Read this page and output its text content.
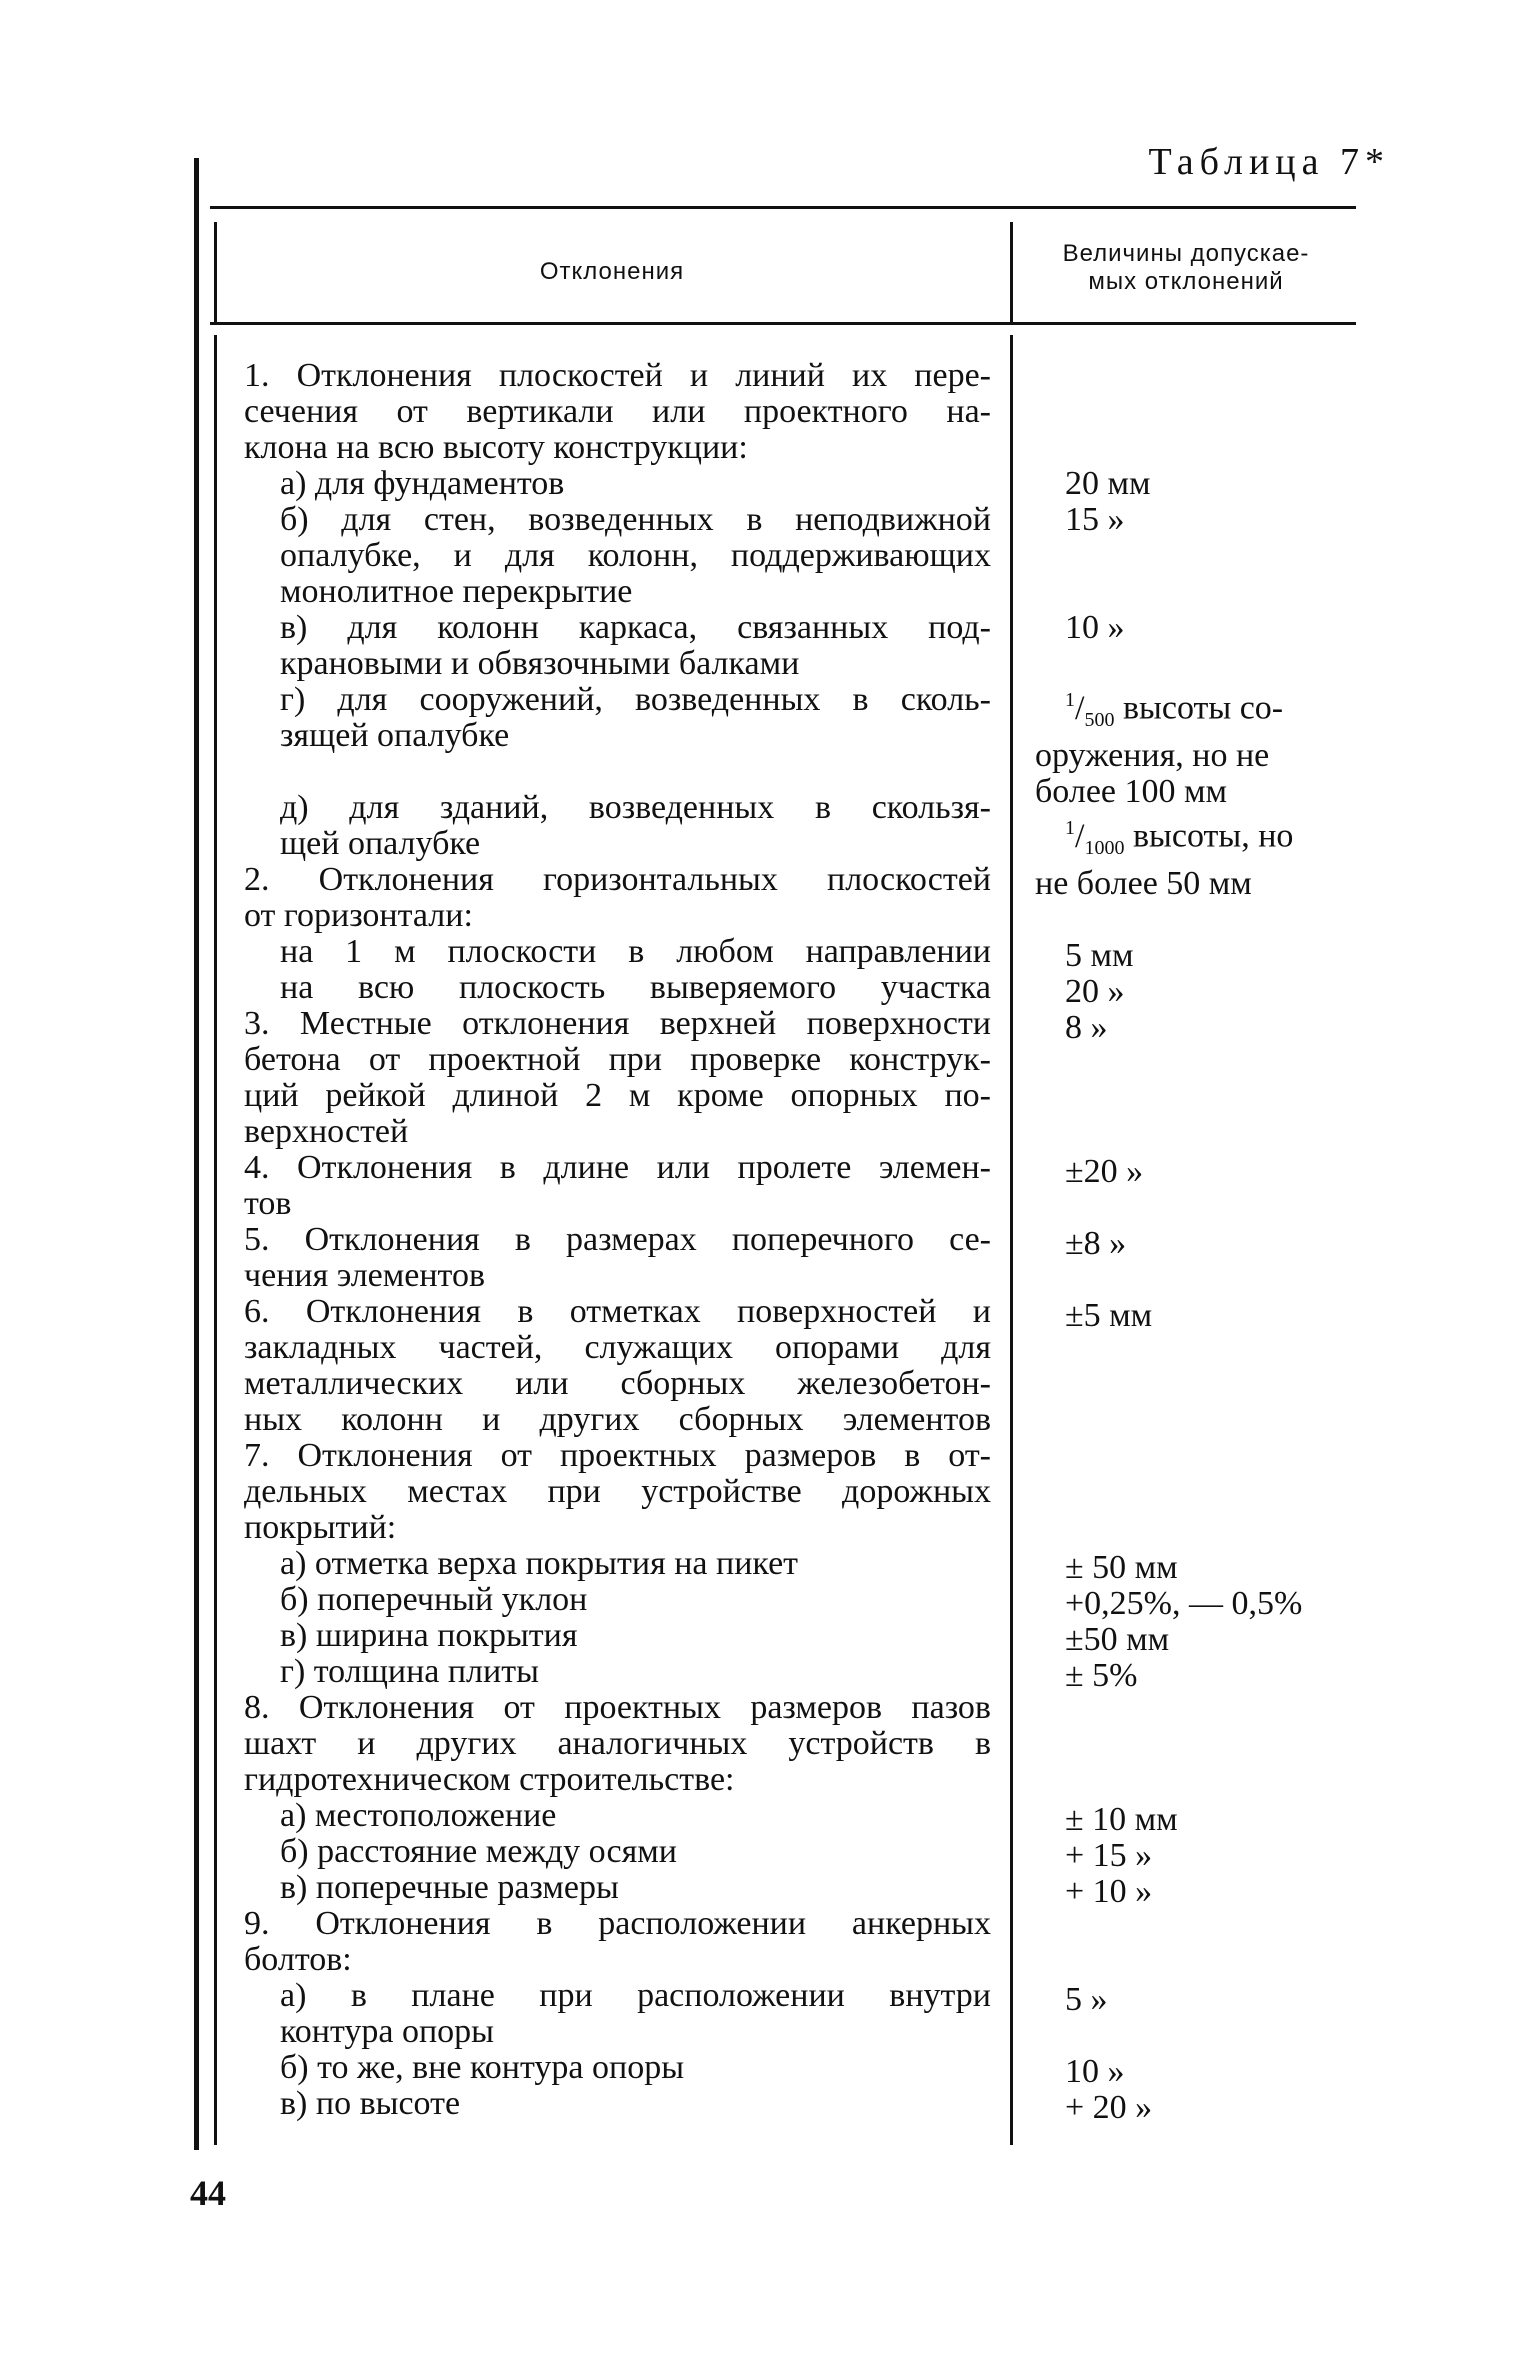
Таблица 7*
Отклонения
Величины допускае-
мых отклонений
1. Отклонения плоскостей и линий их пере-
сечения от вертикали или проектного на-
клона на всю высоту конструкции:
а) для фундаментов
б) для стен, возведенных в неподвижной
опалубке, и для колонн, поддерживающих
монолитное перекрытие
в) для колонн каркаса, связанных под-
крановыми и обвязочными балками
г) для сооружений, возведенных в сколь-
зящей опалубке
д) для зданий, возведенных в скользя-
щей опалубке
2. Отклонения горизонтальных плоскостей
от горизонтали:
на 1 м плоскости в любом направлении
на всю плоскость выверяемого участка
3. Местные отклонения верхней поверхности
бетона от проектной при проверке конструк-
ций рейкой длиной 2 м кроме опорных по-
верхностей
4. Отклонения в длине или пролете элемен-
тов
5. Отклонения в размерах поперечного се-
чения элементов
6. Отклонения в отметках поверхностей и
закладных частей, служащих опорами для
металлических или сборных железобетон-
ных колонн и других сборных элементов
7. Отклонения от проектных размеров в от-
дельных местах при устройстве дорожных
покрытий:
а) отметка верха покрытия на пикет
б) поперечный уклон
в) ширина покрытия
г) толщина плиты
8. Отклонения от проектных размеров пазов
шахт и других аналогичных устройств в
гидротехническом строительстве:
а) местоположение
б) расстояние между осями
в) поперечные размеры
9. Отклонения в расположении анкерных
болтов:
а) в плане при расположении внутри
контура опоры
б) то же, вне контура опоры
в) по высоте
20 мм
15 »
10 »
$^1/_{500}$ высоты со-
оружения, но не
более 100 мм
$^1/_{1000}$ высоты, но
не более 50 мм
5 мм
20 »
8 »
±20 »
±8 »
±5 мм
± 50 мм
+0,25%, — 0,5%
±50 мм
± 5%
± 10 мм
+ 15 »
+ 10 »
5 »
10 »
+ 20 »
44
